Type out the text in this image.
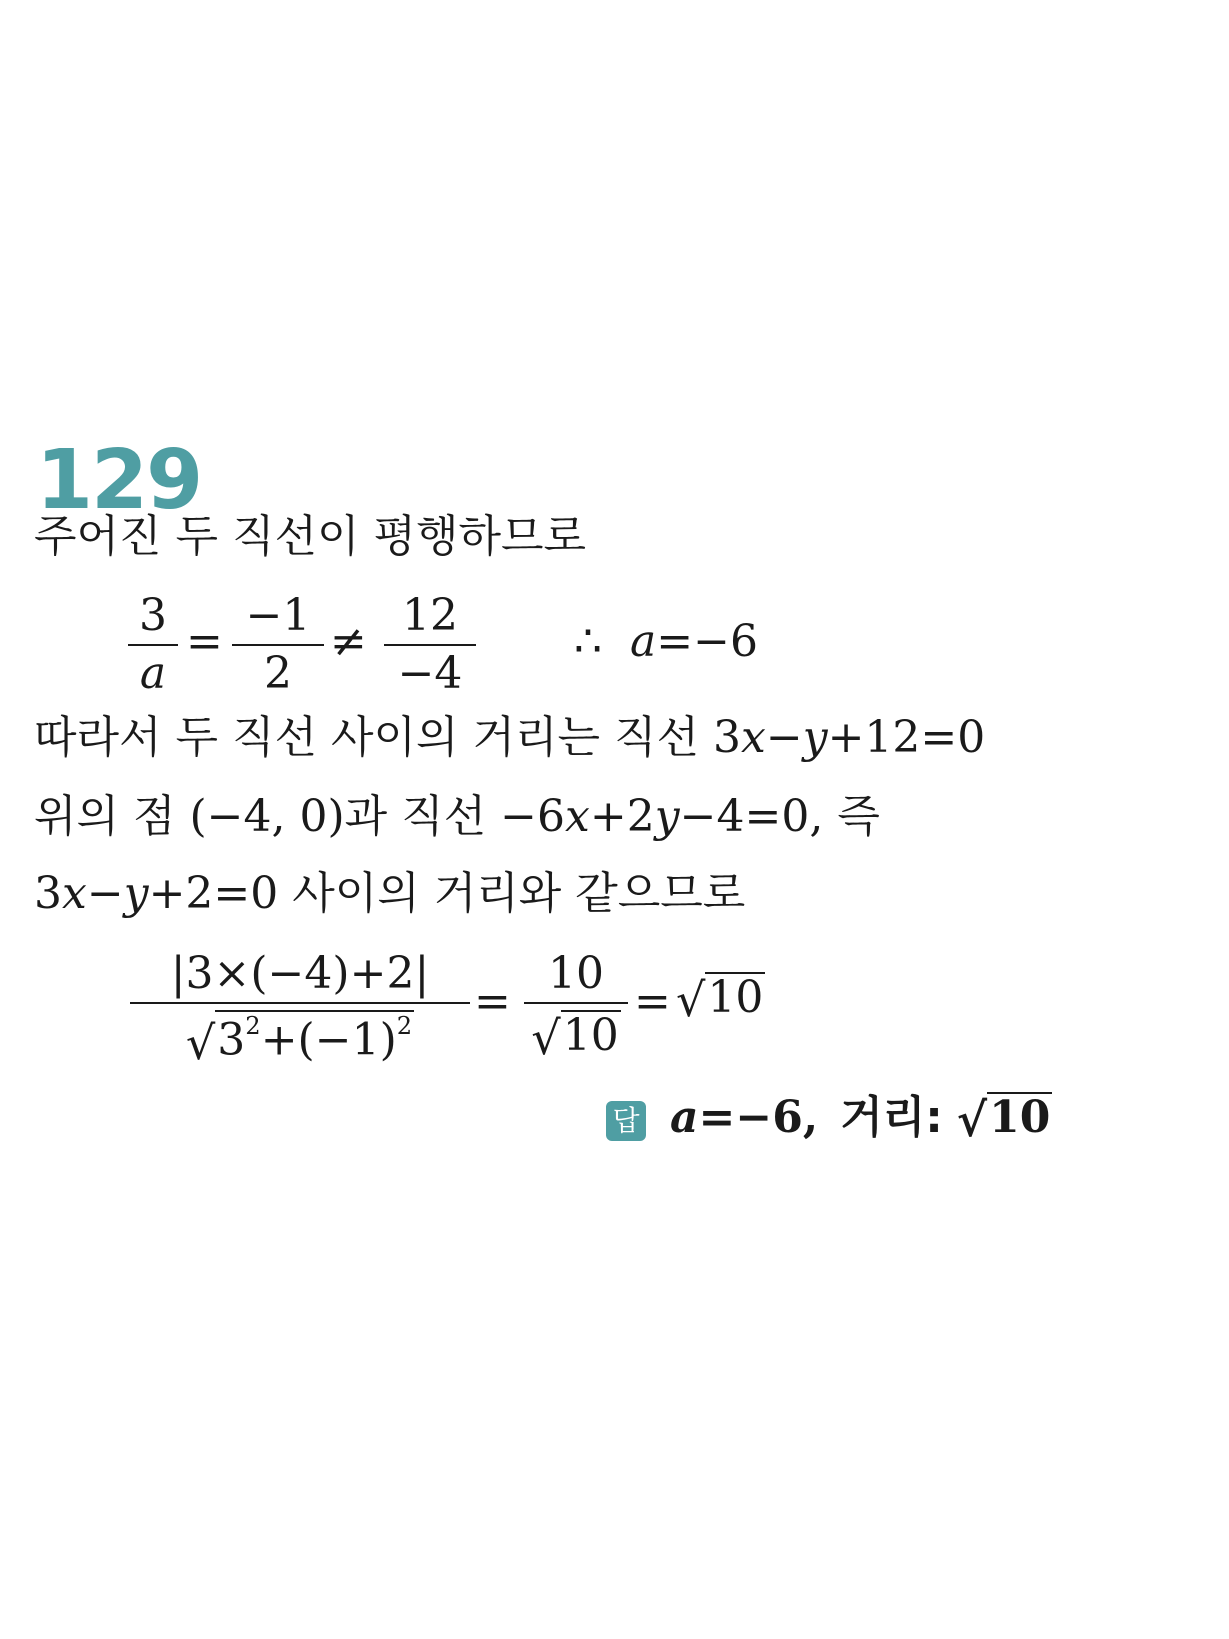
129
주어진 두 직선이 평행하므로
3
a
=
−1
2
≠
12
−4
∴ a=−6
따라서 두 직선 사이의 거리는 직선 3x−y+12=0
위의 점 (−4, 0)과 직선 −6x+2y−4=0, 즉
3x−y+2=0 사이의 거리와 같으므로
|3×(−4)+2|
$√3^2+(-1)^2$	=
10
√10
= √10
답 a=−6, 거리: √10
